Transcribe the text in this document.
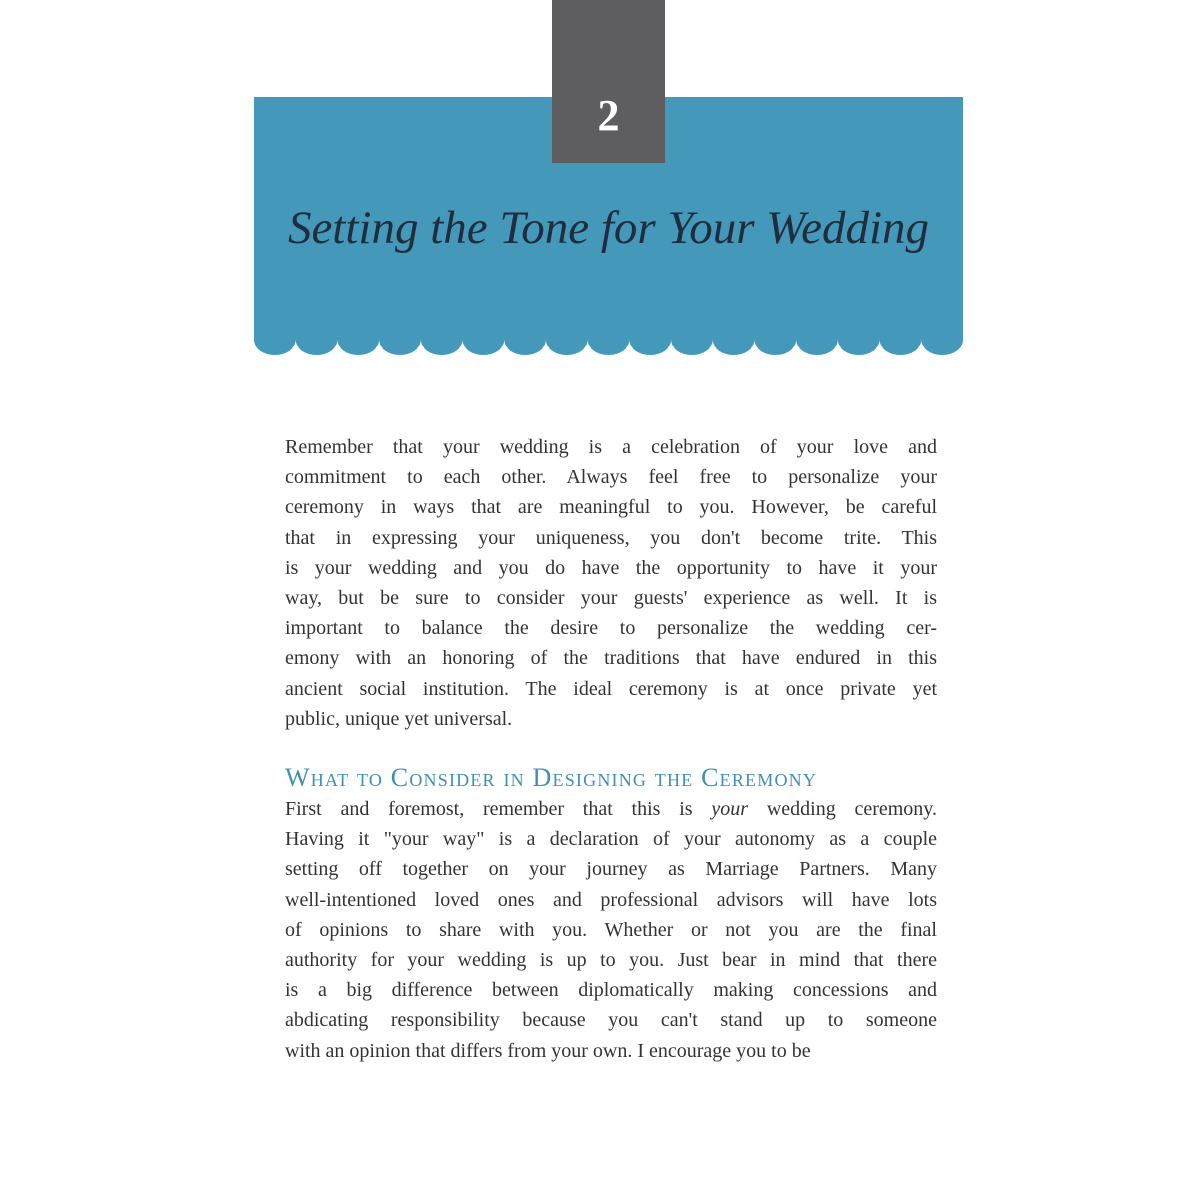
2
Setting the Tone for Your Wedding
Remember that your wedding is a celebration of your love and
commitment to each other. Always feel free to personalize your
ceremony in ways that are meaningful to you. However, be careful
that in expressing your uniqueness, you don't become trite. This
is your wedding and you do have the opportunity to have it your
way, but be sure to consider your guests' experience as well. It is
important to balance the desire to personalize the wedding cer-
emony with an honoring of the traditions that have endured in this
ancient social institution. The ideal ceremony is at once private yet
public, unique yet universal.
What to Consider in Designing the Ceremony
First and foremost, remember that this is your wedding ceremony.
Having it "your way" is a declaration of your autonomy as a couple
setting off together on your journey as Marriage Partners. Many
well-intentioned loved ones and professional advisors will have lots
of opinions to share with you. Whether or not you are the final
authority for your wedding is up to you. Just bear in mind that there
is a big difference between diplomatically making concessions and
abdicating responsibility because you can't stand up to someone
with an opinion that differs from your own. I encourage you to be
